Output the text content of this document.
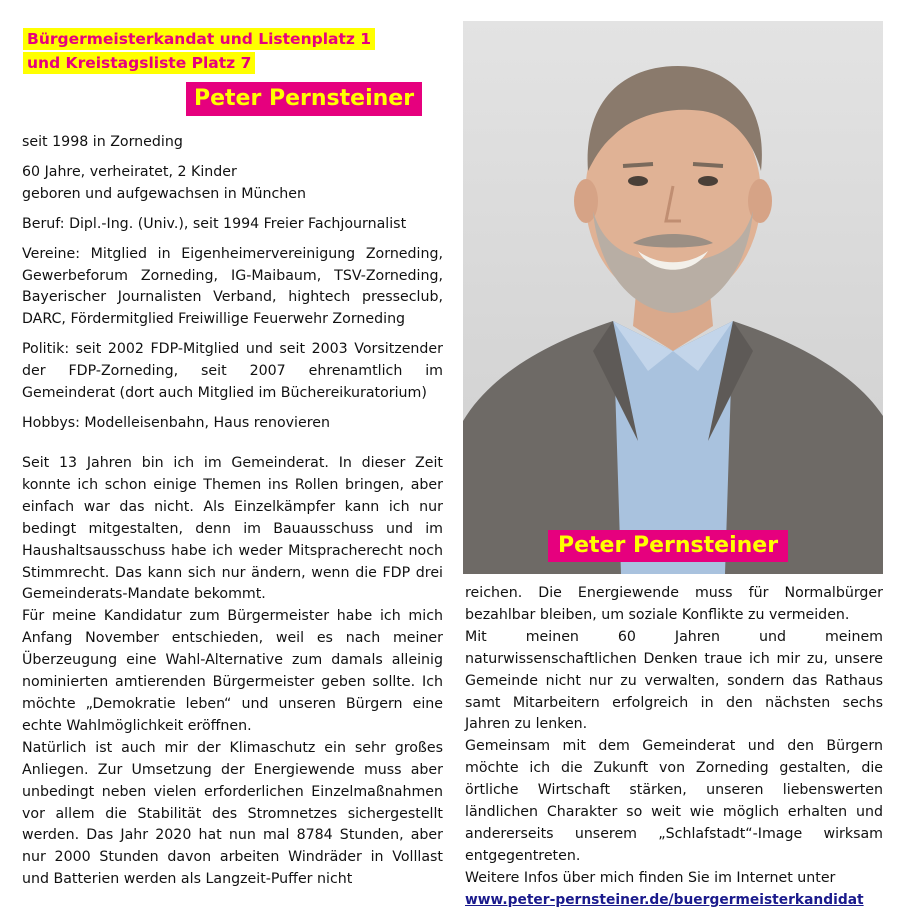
Bürgermeisterkandat und Listenplatz 1
und Kreistagsliste Platz 7
Peter Pernsteiner

seit 1998 in Zorneding

60 Jahre, verheiratet, 2 Kinder

geboren und aufgewachsen in München

Beruf: Dipl.-Ing. (Univ.), seit 1994 Freier Fachjournalist

Vereine: Mitglied in Eigenheimervereinigung Zorneding, Gewerbeforum Zorneding, IG-Maibaum, TSV-Zorneding, Bayerischer Journalisten Verband, hightech presseclub, DARC, Fördermitglied Freiwillige Feuerwehr Zorneding

Politik: seit 2002 FDP-Mitglied und seit 2003 Vorsitzender der FDP-Zorneding, seit 2007 ehrenamtlich im Gemeinderat (dort auch Mitglied im Büchereikuratorium)

Hobbys: Modelleisenbahn, Haus renovieren

Seit 13 Jahren bin ich im Gemeinderat. In dieser Zeit konnte ich schon einige Themen ins Rollen bringen, aber einfach war das nicht. Als Einzelkämpfer kann ich nur bedingt mitgestalten, denn im Bauausschuss und im Haushaltsausschuss habe ich weder Mitspracherecht noch Stimmrecht. Das kann sich nur ändern, wenn die FDP drei Gemeinderats-Mandate bekommt.

Für meine Kandidatur zum Bürgermeister habe ich mich Anfang November entschieden, weil es nach meiner Überzeugung eine Wahl-Alternative zum damals alleinig nominierten amtierenden Bürgermeister geben sollte. Ich möchte „Demokratie leben“ und unseren Bürgern eine echte Wahlmöglichkeit eröffnen.

Natürlich ist auch mir der Klimaschutz ein sehr großes Anliegen. Zur Umsetzung der Energiewende muss aber unbedingt neben vielen erforderlichen Einzelmaßnahmen vor allem die Stabilität des Stromnetzes sichergestellt werden. Das Jahr 2020 hat nun mal 8784 Stunden, aber nur 2000 Stunden davon arbeiten Windräder in Volllast und Batterien werden als Langzeit-Puffer nicht

Peter Pernsteiner

reichen. Die Energiewende muss für Normalbürger bezahlbar bleiben, um soziale Konflikte zu vermeiden.

Mit meinen 60 Jahren und meinem naturwissenschaftlichen Denken traue ich mir zu, unsere Gemeinde nicht nur zu verwalten, sondern das Rathaus samt Mitarbeitern erfolgreich in den nächsten sechs Jahren zu lenken.

Gemeinsam mit dem Gemeinderat und den Bürgern möchte ich die Zukunft von Zorneding gestalten, die örtliche Wirtschaft stärken, unseren liebenswerten ländlichen Charakter so weit wie möglich erhalten und andererseits unserem „Schlafstadt“-Image wirksam entgegentreten.

Weitere Infos über mich finden Sie im Internet unter

www.peter-pernsteiner.de/buergermeisterkandidat
